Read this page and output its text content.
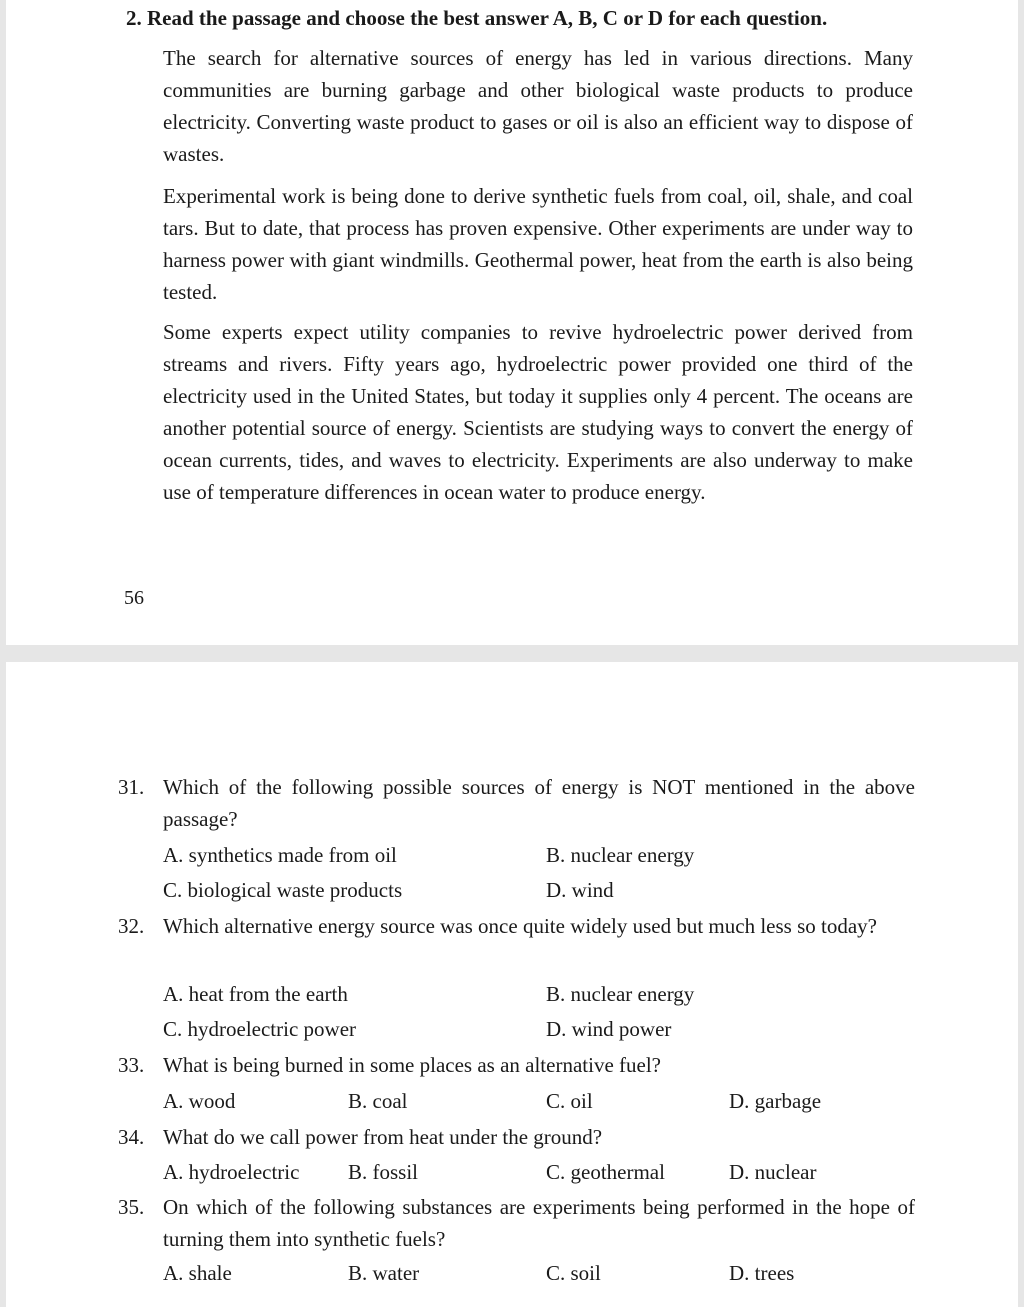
2. Read the passage and choose the best answer A, B, C or D for each question.

The search for alternative sources of energy has led in various directions. Many communities are burning garbage and other biological waste products to produce electricity. Converting waste product to gases or oil is also an efficient way to dispose of wastes.

Experimental work is being done to derive synthetic fuels from coal, oil, shale, and coal tars. But to date, that process has proven expensive. Other experiments are under way to harness power with giant windmills. Geothermal power, heat from the earth is also being tested.

Some experts expect utility companies to revive hydroelectric power derived from streams and rivers. Fifty years ago, hydroelectric power provided one third of the electricity used in the United States, but today it supplies only 4 percent. The oceans are another potential source of energy. Scientists are studying ways to convert the energy of ocean currents, tides, and waves to electricity. Experiments are also underway to make use of temperature differences in ocean water to produce energy.

56
31. Which of the following possible sources of energy is NOT mentioned in the above passage?

A. synthetics made from oil	B. nuclear energy
C. biological waste products	D. wind
32. Which alternative energy source was once quite widely used but much less so today?

A. heat from the earth	B. nuclear energy
C. hydroelectric power	D. wind power
33. What is being burned in some places as an alternative fuel?

A. wood	B. coal	C. oil	D. garbage
34. What do we call power from heat under the ground?

A. hydroelectric B. fossil	C. geothermal	D. nuclear
35. On which of the following substances are experiments being performed in the hope of turning them into synthetic fuels?

A. shale	B. water	C. soil	D. trees
